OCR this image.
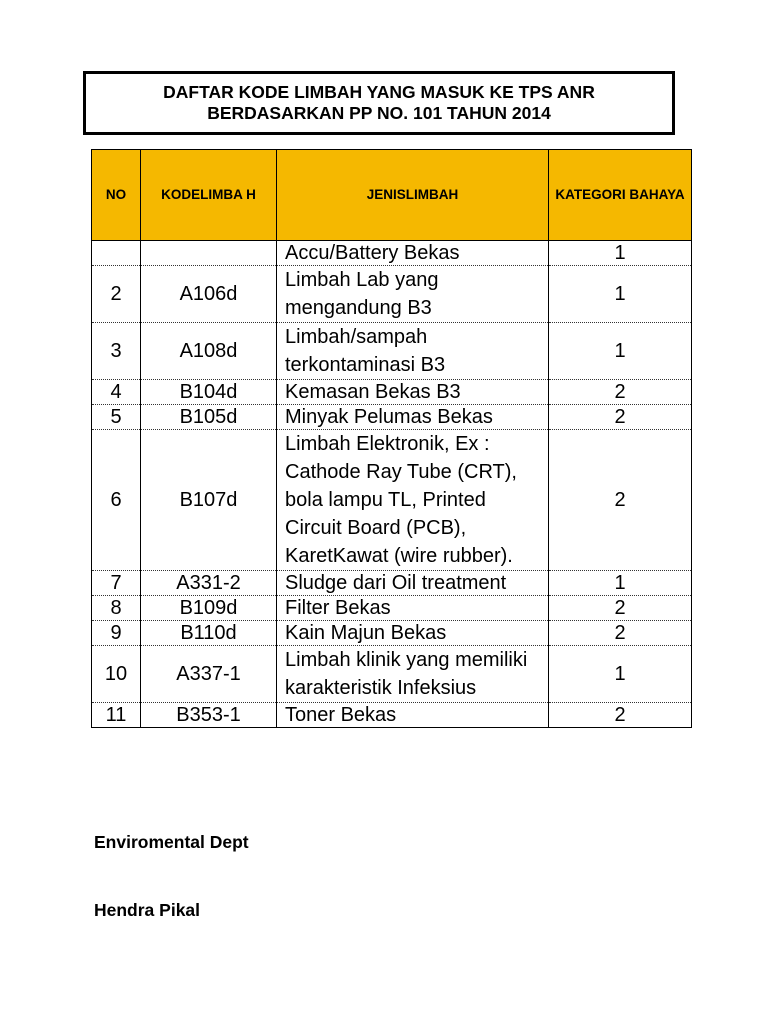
DAFTAR KODE LIMBAH YANG MASUK KE TPS ANR
BERDASARKAN PP NO. 101 TAHUN 2014
NO	KODELIMBA H	JENISLIMBAH	KATEGORI BAHAYA
		Accu/Battery Bekas	1
2	A106d	Limbah Lab yang mengandung B3	1
3	A108d	Limbah/sampah terkontaminasi B3	1
4	B104d	Kemasan Bekas B3	2
5	B105d	Minyak Pelumas Bekas	2
6	B107d	Limbah Elektronik, Ex : Cathode Ray Tube (CRT), bola lampu TL, Printed Circuit Board (PCB), KaretKawat (wire rubber).	2
7	A331-2	Sludge dari Oil treatment	1
8	B109d	Filter Bekas	2
9	B110d	Kain Majun Bekas	2
10	A337-1	Limbah klinik yang memiliki karakteristik Infeksius	1
11	B353-1	Toner Bekas	2
Enviromental Dept
Hendra Pikal
